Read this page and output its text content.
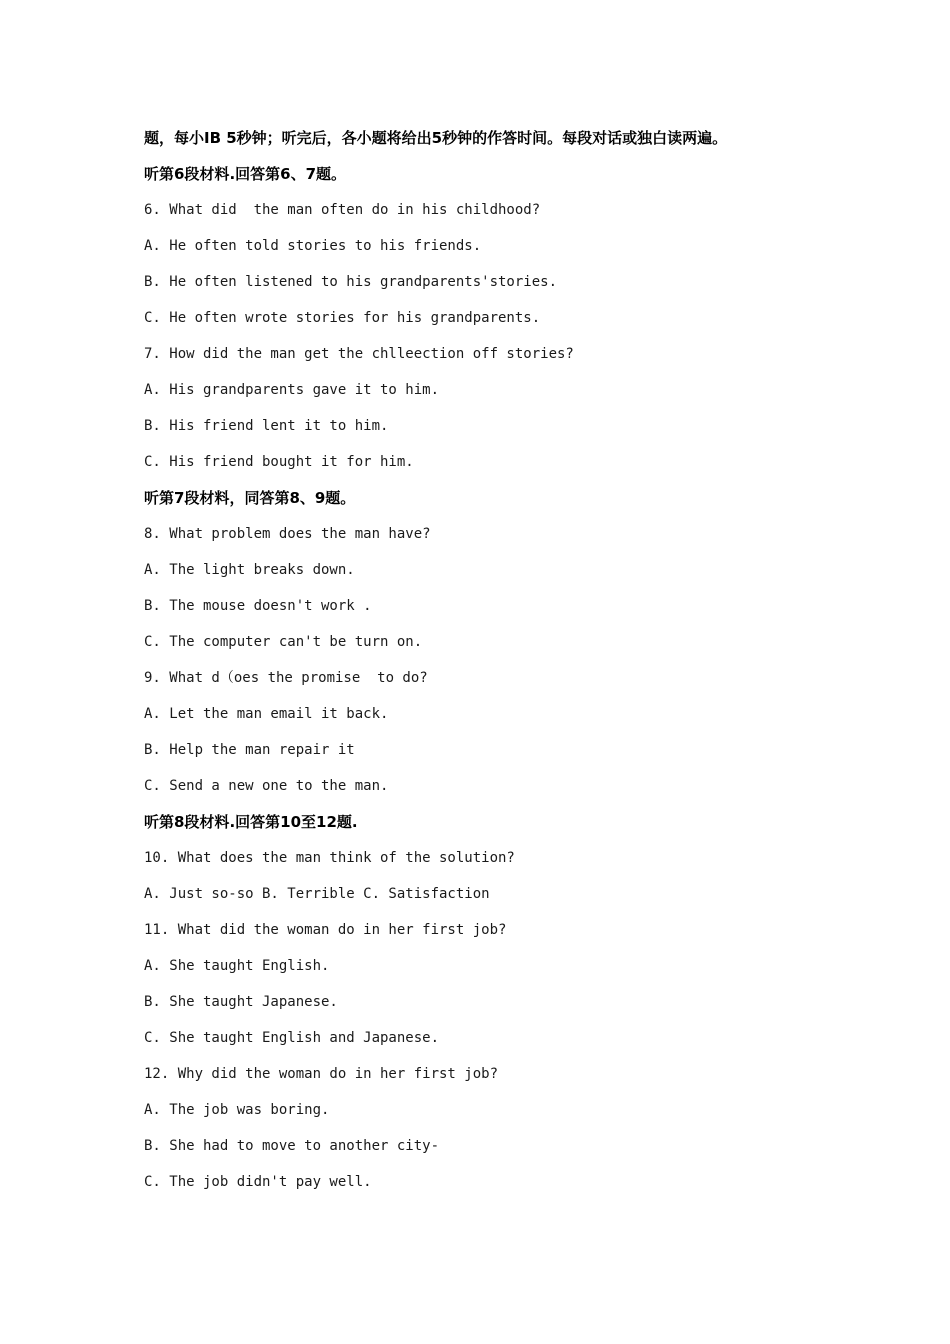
题，每小IB 5秒钟；听完后，各小题将给出5秒钟的作答时间。每段对话或独白读两遍。
听第6段材料.回答第6、7题。
6. What did  the man often do in his childhood?
A. He often told stories to his friends.
B. He often listened to his grandparents'stories.
C. He often wrote stories for his grandparents.
7. How did the man get the chlleection off stories?
A. His grandparents gave it to him.
B. His friend lent it to him.
C. His friend bought it for him.
听第7段材料，同答第8、9题。
8. What problem does the man have?
A. The light breaks down.
B. The mouse doesn't work .
C. The computer can't be turn on.
9. What d（oes the promise  to do?
A. Let the man email it back.
B. Help the man repair it
C. Send a new one to the man.
听第8段材料.回答第10至12题.
10. What does the man think of the solution?
A. Just so-so B. Terrible C. Satisfaction
11. What did the woman do in her first job?
A. She taught English.
B. She taught Japanese.
C. She taught English and Japanese.
12. Why did the woman do in her first job?
A. The job was boring.
B. She had to move to another city-
C. The job didn't pay well.
